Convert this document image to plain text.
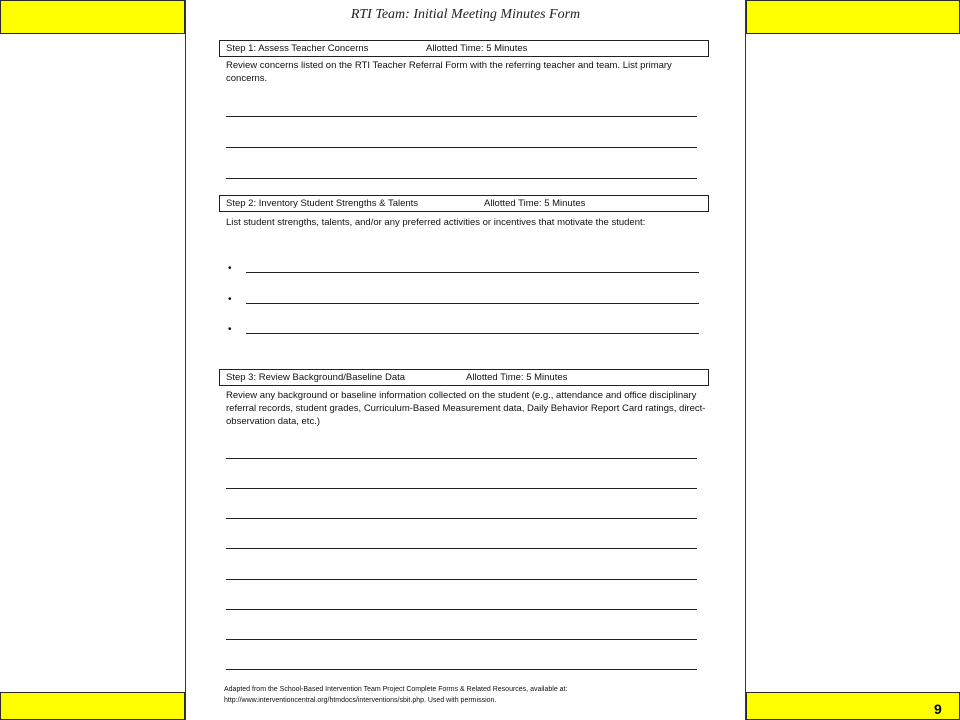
9
RTI Team: Initial Meeting Minutes Form
Step 1: Assess Teacher Concerns	Allotted Time: 5 Minutes
Review concerns listed on the RTI Teacher Referral Form with the referring teacher and team. List primary concerns.
Step 2: Inventory Student Strengths & Talents	Allotted Time: 5 Minutes
List student strengths, talents, and/or any preferred activities or incentives that motivate the student:
•
•
•
Step 3: Review Background/Baseline Data	Allotted Time: 5 Minutes
Review any background or baseline information collected on the student (e.g., attendance and office disciplinary referral records, student grades, Curriculum-Based Measurement data, Daily Behavior Report Card ratings, direct-observation data, etc.)
Adapted from the School-Based Intervention Team Project Complete Forms & Related Resources, available at:
http://www.interventioncentral.org/htmdocs/interventions/sbit.php. Used with permission.
